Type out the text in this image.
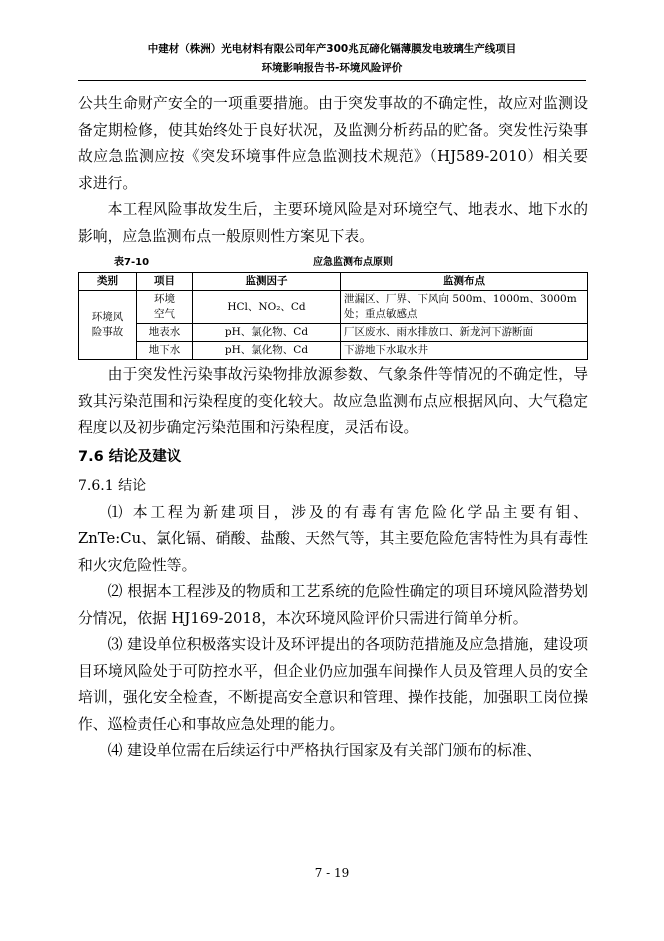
中建材（株洲）光电材料有限公司年产300兆瓦碲化镉薄膜发电玻璃生产线项目
环境影响报告书-环境风险评价

公共生命财产安全的一项重要措施。由于突发事故的不确定性，故应对监测设备定期检修，使其始终处于良好状况，及监测分析药品的贮备。突发性污染事故应急监测应按《突发环境事件应急监测技术规范》（HJ589-2010）相关要求进行。

本工程风险事故发生后，主要环境风险是对环境空气、地表水、地下水的影响，应急监测布点一般原则性方案见下表。

表7-10	应急监测布点原则
类别	项目	监测因子	监测布点
环境风险事故	环境空气	HCl、NO₂、Cd	泄漏区、厂界、下风向 500m、1000m、3000m处；重点敏感点
	地表水	pH、氯化物、Cd	厂区废水、雨水排放口、新龙河下游断面
	地下水	pH、氯化物、Cd	下游地下水取水井

由于突发性污染事故污染物排放源参数、气象条件等情况的不确定性，导致其污染范围和污染程度的变化较大。故应急监测布点应根据风向、大气稳定程度以及初步确定污染范围和污染程度，灵活布设。

7.6 结论及建议

7.6.1 结论

⑴ 本工程为新建项目，涉及的有毒有害危险化学品主要有钼、ZnTe:Cu、氯化镉、硝酸、盐酸、天然气等，其主要危险危害特性为具有毒性和火灾危险性等。

⑵ 根据本工程涉及的物质和工艺系统的危险性确定的项目环境风险潜势划分情况，依据 HJ169-2018，本次环境风险评价只需进行简单分析。

⑶ 建设单位积极落实设计及环评提出的各项防范措施及应急措施，建设项目环境风险处于可防控水平，但企业仍应加强车间操作人员及管理人员的安全培训，强化安全检查，不断提高安全意识和管理、操作技能，加强职工岗位操作、巡检责任心和事故应急处理的能力。

⑷ 建设单位需在后续运行中严格执行国家及有关部门颁布的标准、

7 - 19
